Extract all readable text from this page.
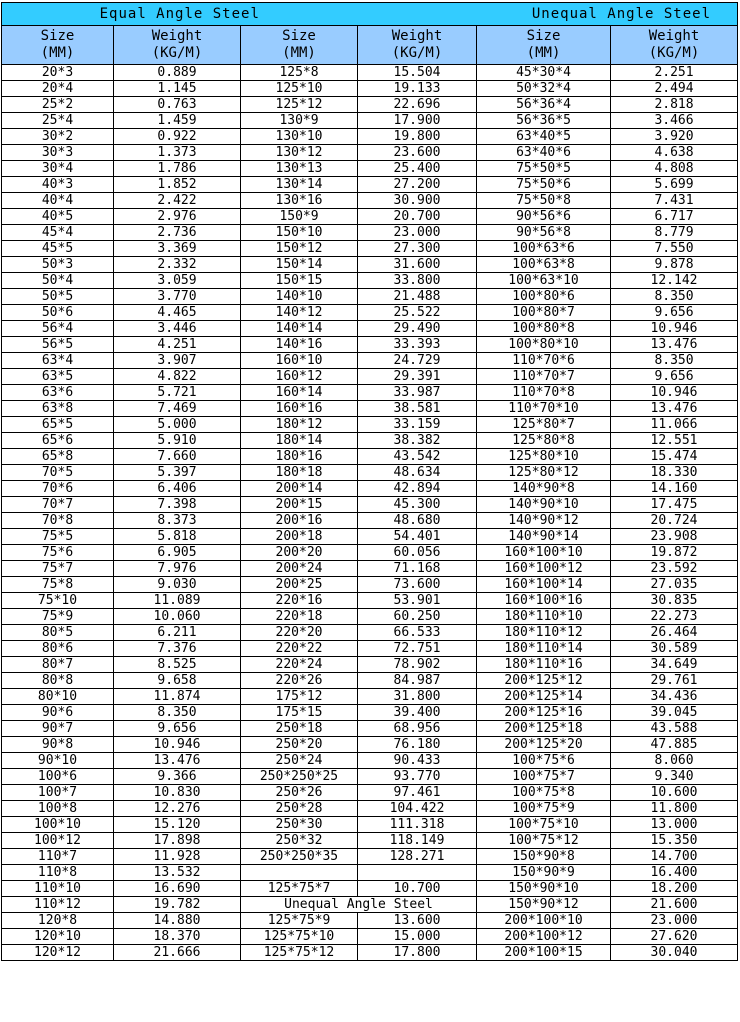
Equal Angle Steel				Unequal Angle Steel	

Size
(MM)	Weight
(KG/M)	Size
(MM)	Weight
(KG/M)	Size
(MM)	Weight
(KG/M)

20*3	0.889	125*8	15.504	45*30*4	2.251
20*4	1.145	125*10	19.133	50*32*4	2.494
25*2	0.763	125*12	22.696	56*36*4	2.818
25*4	1.459	130*9	17.900	56*36*5	3.466
30*2	0.922	130*10	19.800	63*40*5	3.920
30*3	1.373	130*12	23.600	63*40*6	4.638
30*4	1.786	130*13	25.400	75*50*5	4.808
40*3	1.852	130*14	27.200	75*50*6	5.699
40*4	2.422	130*16	30.900	75*50*8	7.431
40*5	2.976	150*9	20.700	90*56*6	6.717
45*4	2.736	150*10	23.000	90*56*8	8.779
45*5	3.369	150*12	27.300	100*63*6	7.550
50*3	2.332	150*14	31.600	100*63*8	9.878
50*4	3.059	150*15	33.800	100*63*10	12.142
50*5	3.770	140*10	21.488	100*80*6	8.350
50*6	4.465	140*12	25.522	100*80*7	9.656
56*4	3.446	140*14	29.490	100*80*8	10.946
56*5	4.251	140*16	33.393	100*80*10	13.476
63*4	3.907	160*10	24.729	110*70*6	8.350
63*5	4.822	160*12	29.391	110*70*7	9.656
63*6	5.721	160*14	33.987	110*70*8	10.946
63*8	7.469	160*16	38.581	110*70*10	13.476
65*5	5.000	180*12	33.159	125*80*7	11.066
65*6	5.910	180*14	38.382	125*80*8	12.551
65*8	7.660	180*16	43.542	125*80*10	15.474
70*5	5.397	180*18	48.634	125*80*12	18.330
70*6	6.406	200*14	42.894	140*90*8	14.160
70*7	7.398	200*15	45.300	140*90*10	17.475
70*8	8.373	200*16	48.680	140*90*12	20.724
75*5	5.818	200*18	54.401	140*90*14	23.908
75*6	6.905	200*20	60.056	160*100*10	19.872
75*7	7.976	200*24	71.168	160*100*12	23.592
75*8	9.030	200*25	73.600	160*100*14	27.035
75*10	11.089	220*16	53.901	160*100*16	30.835
75*9	10.060	220*18	60.250	180*110*10	22.273
80*5	6.211	220*20	66.533	180*110*12	26.464
80*6	7.376	220*22	72.751	180*110*14	30.589
80*7	8.525	220*24	78.902	180*110*16	34.649
80*8	9.658	220*26	84.987	200*125*12	29.761
80*10	11.874	175*12	31.800	200*125*14	34.436
90*6	8.350	175*15	39.400	200*125*16	39.045
90*7	9.656	250*18	68.956	200*125*18	43.588
90*8	10.946	250*20	76.180	200*125*20	47.885
90*10	13.476	250*24	90.433	100*75*6	8.060
100*6	9.366	250*250*25	93.770	100*75*7	9.340
100*7	10.830	250*26	97.461	100*75*8	10.600
100*8	12.276	250*28	104.422	100*75*9	11.800
100*10	15.120	250*30	111.318	100*75*10	13.000
100*12	17.898	250*32	118.149	100*75*12	15.350
110*7	11.928	250*250*35	128.271	150*90*8	14.700
110*8	13.532			150*90*9	16.400
110*10	16.690	125*75*7	10.700	150*90*10	18.200
110*12	19.782	Unequal Angle Steel		150*90*12	21.600
120*8	14.880	125*75*9	13.600	200*100*10	23.000
120*10	18.370	125*75*10	15.000	200*100*12	27.620
120*12	21.666	125*75*12	17.800	200*100*15	30.040
